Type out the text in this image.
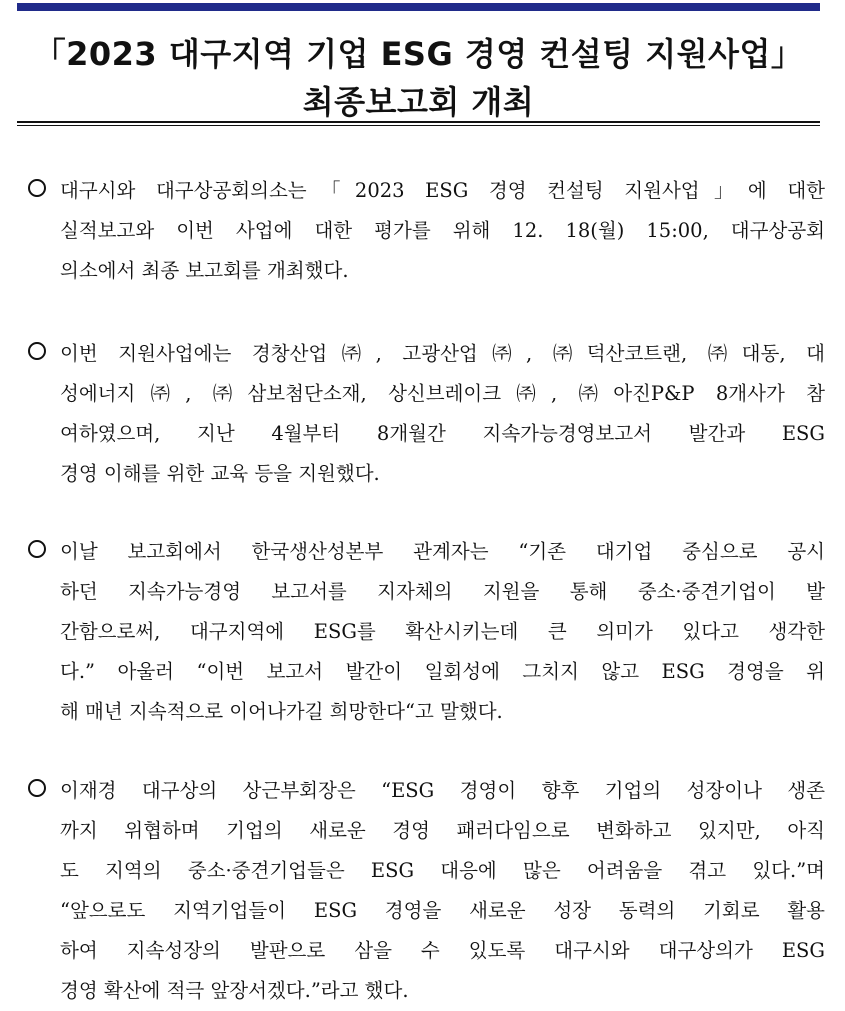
「2023 대구지역 기업 ESG 경영 컨설팅 지원사업」
최종보고회 개최
대구시와 대구상공회의소는「2023 ESG 경영 컨설팅 지원사업」에 대한
실적보고와 이번 사업에 대한 평가를 위해 12. 18(월) 15:00, 대구상공회
의소에서 최종 보고회를 개최했다.
이번 지원사업에는 경창산업㈜, 고광산업㈜, ㈜덕산코트랜, ㈜대동, 대
성에너지㈜, ㈜삼보첨단소재, 상신브레이크㈜, ㈜아진P&P 8개사가 참
여하였으며, 지난 4월부터 8개월간 지속가능경영보고서 발간과 ESG
경영 이해를 위한 교육 등을 지원했다.
이날 보고회에서 한국생산성본부 관계자는 “기존 대기업 중심으로 공시
하던 지속가능경영 보고서를 지자체의 지원을 통해 중소·중견기업이 발
간함으로써, 대구지역에 ESG를 확산시키는데 큰 의미가 있다고 생각한
다.” 아울러 “이번 보고서 발간이 일회성에 그치지 않고 ESG 경영을 위
해 매년 지속적으로 이어나가길 희망한다“고 말했다.
이재경 대구상의 상근부회장은 “ESG 경영이 향후 기업의 성장이나 생존
까지 위협하며 기업의 새로운 경영 패러다임으로 변화하고 있지만, 아직
도 지역의 중소·중견기업들은 ESG 대응에 많은 어려움을 겪고 있다.”며
“앞으로도 지역기업들이 ESG 경영을 새로운 성장 동력의 기회로 활용
하여 지속성장의 발판으로 삼을 수 있도록 대구시와 대구상의가 ESG
경영 확산에 적극 앞장서겠다.”라고 했다.
